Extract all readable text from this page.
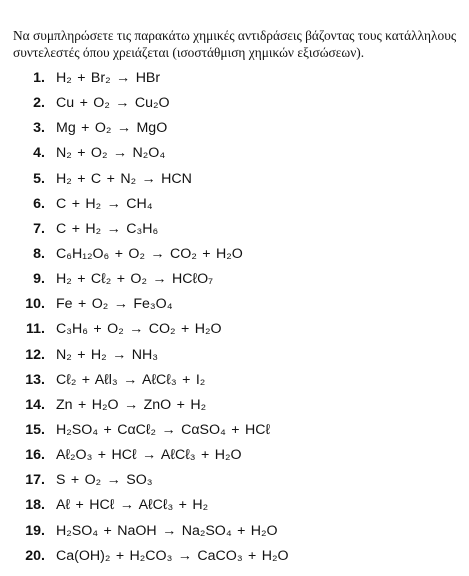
Να συμπληρώσετε τις παρακάτω χημικές αντιδράσεις βάζοντας τους κατάλληλους συντελεστές όπου χρειάζεται (ισοστάθμιση χημικών εξισώσεων).

1. H₂ + Br₂ → HBr
2. Cu + O₂ → Cu₂O
3. Mg + O₂ → MgO
4. N₂ + O₂ → N₂O₄
5. H₂ + C + N₂ → HCN
6. C + H₂ → CH₄
7. C + H₂ → C₃H₆
8. C₆H₁₂O₆ + O₂ → CO₂ + H₂O
9. H₂ + Cℓ₂ + O₂ → HCℓO₇
10. Fe + O₂ → Fe₃O₄
11. C₃H₆ + O₂ → CO₂ + H₂O
12. N₂ + H₂ → NH₃
13. Cℓ₂ + Aℓl₃ → AℓCℓ₃ + I₂
14. Zn + H₂O → ZnO + H₂
15. H₂SO₄ + CαCℓ₂ → CαSO₄ + HCℓ
16. Aℓ₂O₃ + HCℓ → AℓCℓ₃ + H₂O
17. S + O₂ → SO₃
18. Aℓ + HCℓ → AℓCℓ₃ + H₂
19. H₂SO₄ + NaOH → Na₂SO₄ + H₂O
20. Ca(OH)₂ + H₂CO₃ → CaCO₃ + H₂O
